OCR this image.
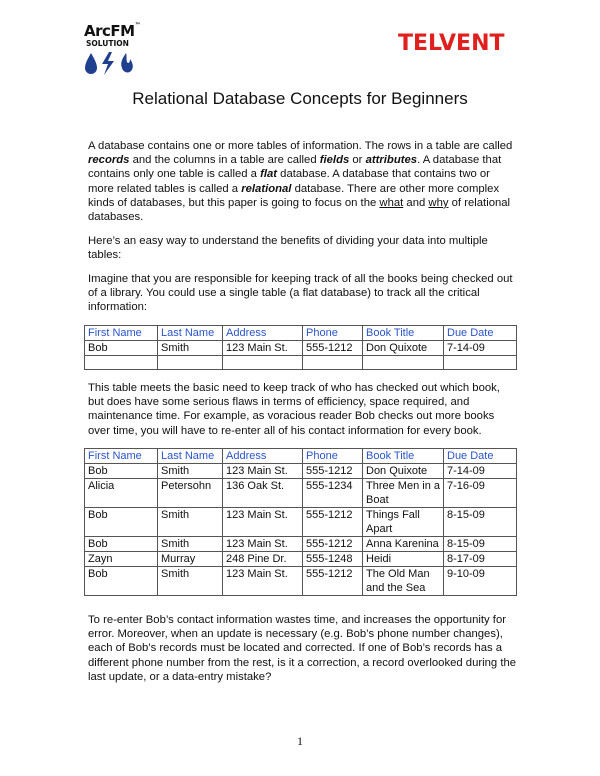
ArcFM™
SOLUTION	TELVENT
Relational Database Concepts for Beginners

A database contains one or more tables of information. The rows in a table are called records and the columns in a table are called fields or attributes. A database that contains only one table is called a flat database. A database that contains two or more related tables is called a relational database. There are other more complex kinds of databases, but this paper is going to focus on the what and why of relational databases.

Here’s an easy way to understand the benefits of dividing your data into multiple tables:

Imagine that you are responsible for keeping track of all the books being checked out of a library. You could use a single table (a flat database) to track all the critical information:

First Name	Last Name	Address	Phone	Book Title	Due Date
Bob	Smith	123 Main St.	555-1212	Don Quixote	7-14-09

This table meets the basic need to keep track of who has checked out which book, but does have some serious flaws in terms of efficiency, space required, and maintenance time. For example, as voracious reader Bob checks out more books over time, you will have to re-enter all of his contact information for every book.

First Name	Last Name	Address	Phone	Book Title	Due Date
Bob	Smith	123 Main St.	555-1212	Don Quixote	7-14-09
Alicia	Petersohn	136 Oak St.	555-1234	Three Men in a Boat	7-16-09
Bob	Smith	123 Main St.	555-1212	Things Fall Apart	8-15-09
Bob	Smith	123 Main St.	555-1212	Anna Karenina	8-15-09
Zayn	Murray	248 Pine Dr.	555-1248	Heidi	8-17-09
Bob	Smith	123 Main St.	555-1212	The Old Man and the Sea	9-10-09

To re-enter Bob’s contact information wastes time, and increases the opportunity for error. Moreover, when an update is necessary (e.g. Bob’s phone number changes), each of Bob’s records must be located and corrected. If one of Bob’s records has a different phone number from the rest, is it a correction, a record overlooked during the last update, or a data-entry mistake?

1
